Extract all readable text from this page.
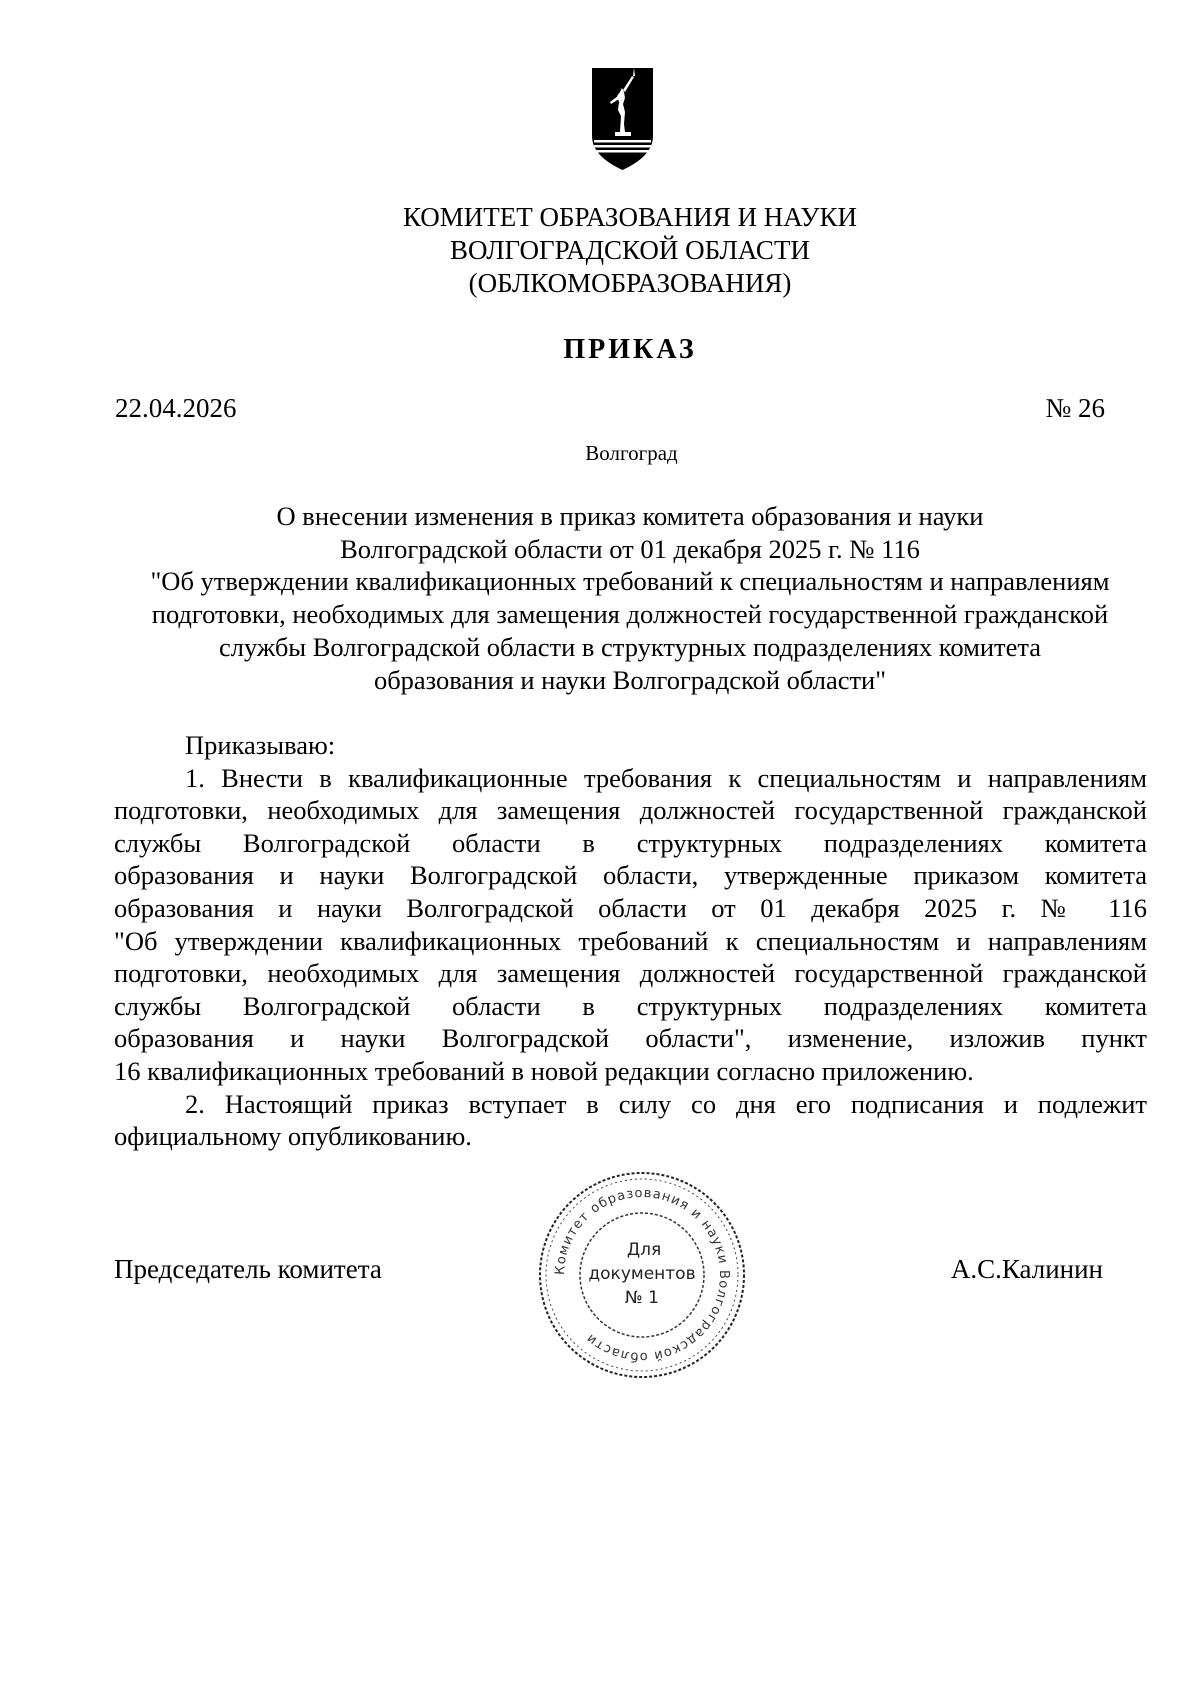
КОМИТЕТ ОБРАЗОВАНИЯ И НАУКИ
ВОЛГОГРАДСКОЙ ОБЛАСТИ
(ОБЛКОМОБРАЗОВАНИЯ)
ПРИКАЗ
22.04.2026	№ 26
Волгоград
О внесении изменения в приказ комитета образования и науки
Волгоградской области от 01 декабря 2025 г. № 116
"Об утверждении квалификационных требований к специальностям и направлениям
подготовки, необходимых для замещения должностей государственной гражданской
службы Волгоградской области в структурных подразделениях комитета
образования и науки Волгоградской области"
Приказываю:
1. Внести в квалификационные требования к специальностям и направлениям
подготовки, необходимых для замещения должностей государственной гражданской
службы Волгоградской области в структурных подразделениях комитета
образования и науки Волгоградской области, утвержденные приказом комитета
образования и науки Волгоградской области от 01 декабря 2025 г. № 116
"Об утверждении квалификационных требований к специальностям и направлениям
подготовки, необходимых для замещения должностей государственной гражданской
службы Волгоградской области в структурных подразделениях комитета
образования и науки Волгоградской области", изменение, изложив пункт
16 квалификационных требований в новой редакции согласно приложению.
2. Настоящий приказ вступает в силу со дня его подписания и подлежит
официальному опубликованию.
Председатель комитета	А.С.Калинин
Комитет образования и науки Волгоградской области
Для
документов
№ 1
